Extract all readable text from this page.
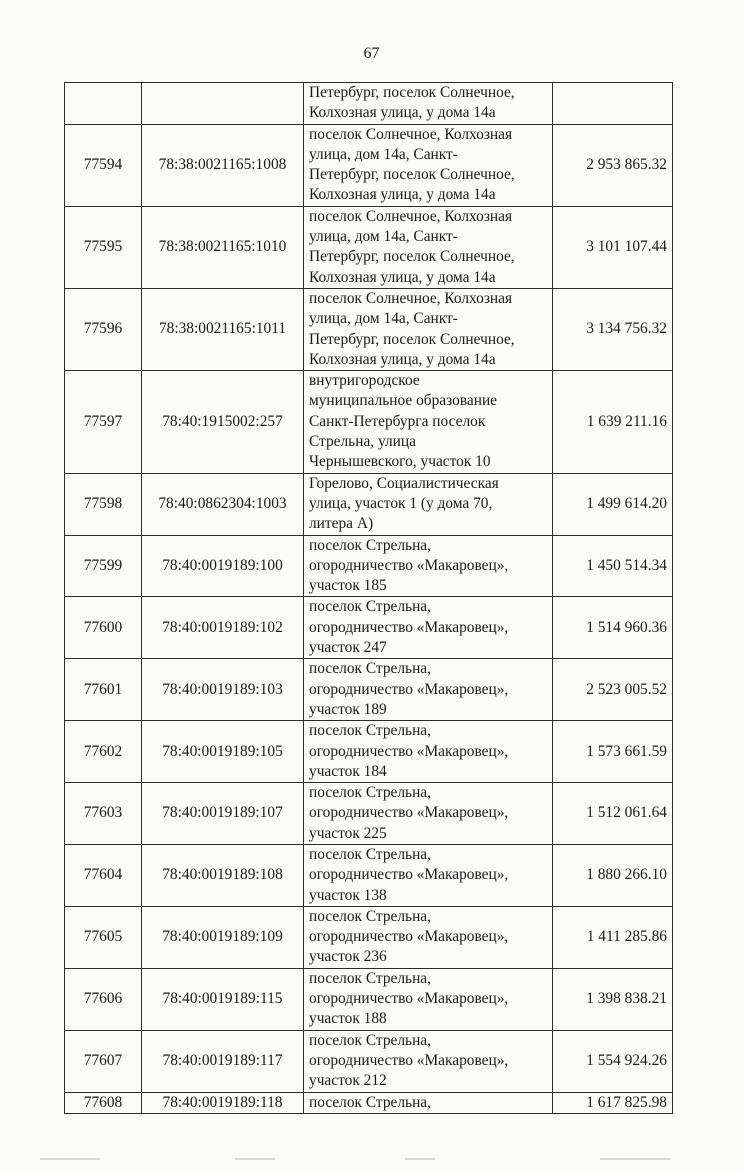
67
		Петербург, поселок Солнечное,
Колхозная улица, у дома 14а	
77594	78:38:0021165:1008	поселок Солнечное, Колхозная
улица, дом 14а, Санкт-
Петербург, поселок Солнечное,
Колхозная улица, у дома 14а	2 953 865.32
77595	78:38:0021165:1010	поселок Солнечное, Колхозная
улица, дом 14а, Санкт-
Петербург, поселок Солнечное,
Колхозная улица, у дома 14а	3 101 107.44
77596	78:38:0021165:1011	поселок Солнечное, Колхозная
улица, дом 14а, Санкт-
Петербург, поселок Солнечное,
Колхозная улица, у дома 14а	3 134 756.32
77597	78:40:1915002:257	внутригородское
муниципальное образование
Санкт-Петербурга поселок
Стрельна, улица
Чернышевского, участок 10	1 639 211.16
77598	78:40:0862304:1003	Горелово, Социалистическая
улица, участок 1 (у дома 70,
литера А)	1 499 614.20
77599	78:40:0019189:100	поселок Стрельна,
огородничество «Макаровец»,
участок 185	1 450 514.34
77600	78:40:0019189:102	поселок Стрельна,
огородничество «Макаровец»,
участок 247	1 514 960.36
77601	78:40:0019189:103	поселок Стрельна,
огородничество «Макаровец»,
участок 189	2 523 005.52
77602	78:40:0019189:105	поселок Стрельна,
огородничество «Макаровец»,
участок 184	1 573 661.59
77603	78:40:0019189:107	поселок Стрельна,
огородничество «Макаровец»,
участок 225	1 512 061.64
77604	78:40:0019189:108	поселок Стрельна,
огородничество «Макаровец»,
участок 138	1 880 266.10
77605	78:40:0019189:109	поселок Стрельна,
огородничество «Макаровец»,
участок 236	1 411 285.86
77606	78:40:0019189:115	поселок Стрельна,
огородничество «Макаровец»,
участок 188	1 398 838.21
77607	78:40:0019189:117	поселок Стрельна,
огородничество «Макаровец»,
участок 212	1 554 924.26
77608	78:40:0019189:118	поселок Стрельна,	1 617 825.98
